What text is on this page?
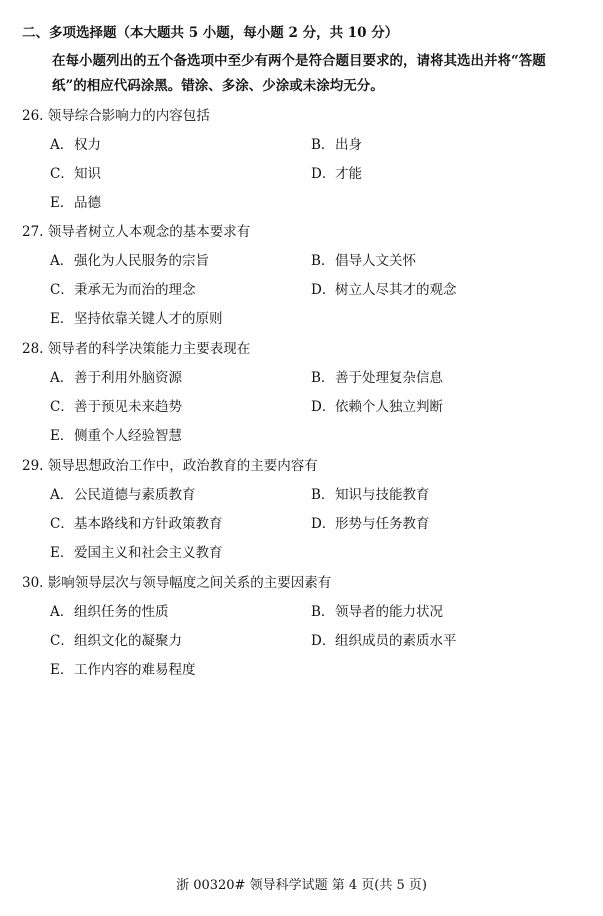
二、多项选择题（本大题共 5 小题，每小题 2 分，共 10 分）
在每小题列出的五个备选项中至少有两个是符合题目要求的，请将其选出并将“答题纸”的相应代码涂黑。错涂、多涂、少涂或未涂均无分。
26. 领导综合影响力的内容包括
A．权力	B．出身
C．知识	D．才能
E．品德
27. 领导者树立人本观念的基本要求有
A．强化为人民服务的宗旨	B．倡导人文关怀
C．秉承无为而治的理念	D．树立人尽其才的观念
E．坚持依靠关键人才的原则
28. 领导者的科学决策能力主要表现在
A．善于利用外脑资源	B．善于处理复杂信息
C．善于预见未来趋势	D．依赖个人独立判断
E．侧重个人经验智慧
29. 领导思想政治工作中，政治教育的主要内容有
A．公民道德与素质教育	B．知识与技能教育
C．基本路线和方针政策教育	D．形势与任务教育
E．爱国主义和社会主义教育
30. 影响领导层次与领导幅度之间关系的主要因素有
A．组织任务的性质	B．领导者的能力状况
C．组织文化的凝聚力	D．组织成员的素质水平
E．工作内容的难易程度
浙 00320# 领导科学试题 第 4 页(共 5 页)
